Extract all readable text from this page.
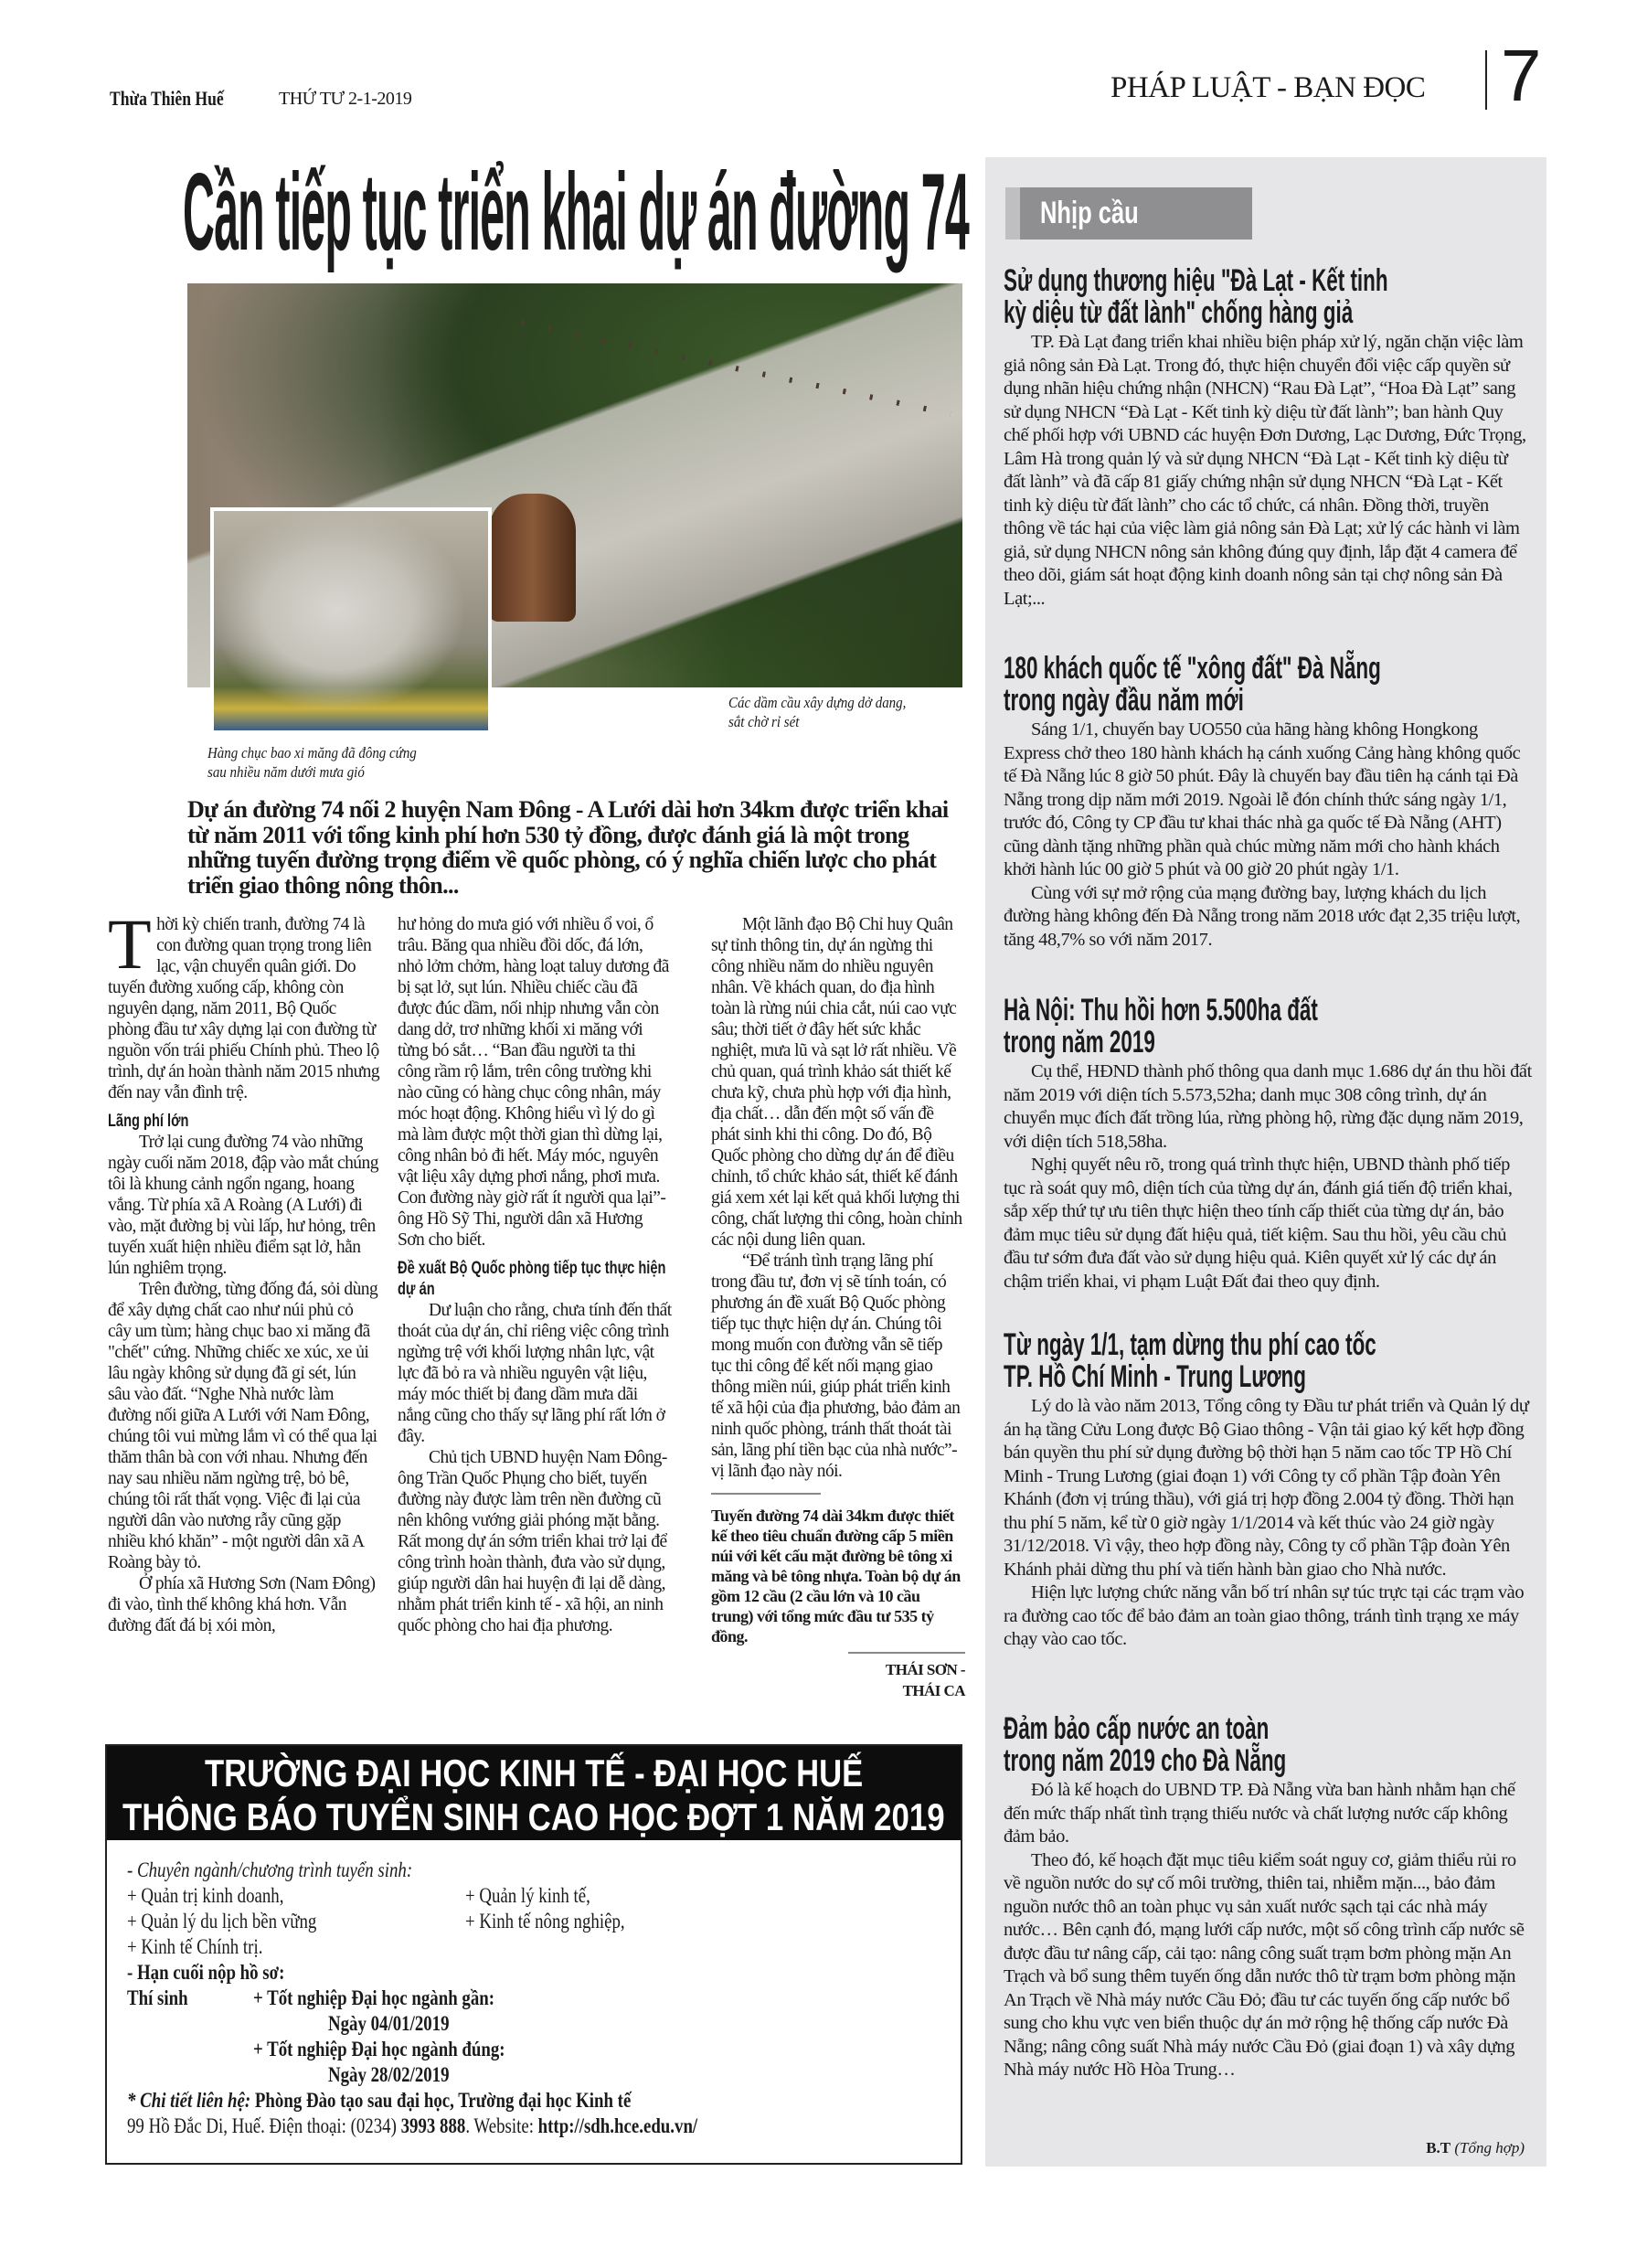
Thừa Thiên Huế	THỨ TƯ 2-1-2019	PHÁP LUẬT - BẠN ĐỌC 7
Cần tiếp tục triển khai dự án đường 74
Các dầm cầu xây dựng dở dang,
sắt chờ rỉ sét
Hàng chục bao xi măng đã đông cứng
sau nhiều năm dưới mưa gió
Dự án đường 74 nối 2 huyện Nam Đông - A Lưới dài hơn 34km được triển khai từ năm 2011 với tổng kinh phí hơn 530 tỷ đồng, được đánh giá là một trong những tuyến đường trọng điểm về quốc phòng, có ý nghĩa chiến lược cho phát triển giao thông nông thôn...

Thời kỳ chiến tranh, đường 74 là con đường quan trọng trong liên lạc, vận chuyển quân giới. Do tuyến đường xuống cấp, không còn nguyên dạng, năm 2011, Bộ Quốc phòng đầu tư xây dựng lại con đường từ nguồn vốn trái phiếu Chính phủ. Theo lộ trình, dự án hoàn thành năm 2015 nhưng đến nay vẫn đình trệ.

Lãng phí lớn

Trở lại cung đường 74 vào những ngày cuối năm 2018, đập vào mắt chúng tôi là khung cảnh ngổn ngang, hoang vắng. Từ phía xã A Roàng (A Lưới) đi vào, mặt đường bị vùi lấp, hư hỏng, trên tuyến xuất hiện nhiều điểm sạt lở, hằn lún nghiêm trọng.

Trên đường, từng đống đá, sỏi dùng để xây dựng chất cao như núi phủ cỏ cây um tùm; hàng chục bao xi măng đã "chết" cứng. Những chiếc xe xúc, xe ủi lâu ngày không sử dụng đã gỉ sét, lún sâu vào đất. “Nghe Nhà nước làm đường nối giữa A Lưới với Nam Đông, chúng tôi vui mừng lắm vì có thể qua lại thăm thân bà con với nhau. Nhưng đến nay sau nhiều năm ngừng trệ, bỏ bê, chúng tôi rất thất vọng. Việc đi lại của người dân vào nương rẫy cũng gặp nhiều khó khăn” - một người dân xã A Roàng bày tỏ.

Ở phía xã Hương Sơn (Nam Đông) đi vào, tình thế không khá hơn. Vẫn đường đất đá bị xói mòn,

hư hỏng do mưa gió với nhiều ổ voi, ổ trâu. Băng qua nhiều đồi dốc, đá lớn, nhỏ lởm chởm, hàng loạt taluy dương đã bị sạt lở, sụt lún. Nhiều chiếc cầu đã được đúc dầm, nối nhịp nhưng vẫn còn dang dở, trơ những khối xi măng với từng bó sắt… “Ban đầu người ta thi công rầm rộ lắm, trên công trường khi nào cũng có hàng chục công nhân, máy móc hoạt động. Không hiểu vì lý do gì mà làm được một thời gian thì dừng lại, công nhân bỏ đi hết. Máy móc, nguyên vật liệu xây dựng phơi nắng, phơi mưa. Con đường này giờ rất ít người qua lại”- ông Hồ Sỹ Thi, người dân xã Hương Sơn cho biết.

Đề xuất Bộ Quốc phòng tiếp tục thực hiện dự án

Dư luận cho rằng, chưa tính đến thất thoát của dự án, chỉ riêng việc công trình ngừng trệ với khối lượng nhân lực, vật lực đã bỏ ra và nhiều nguyên vật liệu, máy móc thiết bị đang dầm mưa dãi nắng cũng cho thấy sự lãng phí rất lớn ở đây.

Chủ tịch UBND huyện Nam Đông- ông Trần Quốc Phụng cho biết, tuyến đường này được làm trên nền đường cũ nên không vướng giải phóng mặt bằng. Rất mong dự án sớm triển khai trở lại để công trình hoàn thành, đưa vào sử dụng, giúp người dân hai huyện đi lại dễ dàng, nhằm phát triển kinh tế - xã hội, an ninh quốc phòng cho hai địa phương.

Một lãnh đạo Bộ Chỉ huy Quân sự tỉnh thông tin, dự án ngừng thi công nhiều năm do nhiều nguyên nhân. Về khách quan, do địa hình toàn là rừng núi chia cắt, núi cao vực sâu; thời tiết ở đây hết sức khắc nghiệt, mưa lũ và sạt lở rất nhiều. Về chủ quan, quá trình khảo sát thiết kế chưa kỹ, chưa phù hợp với địa hình, địa chất… dẫn đến một số vấn đề phát sinh khi thi công. Do đó, Bộ Quốc phòng cho dừng dự án để điều chỉnh, tổ chức khảo sát, thiết kế đánh giá xem xét lại kết quả khối lượng thi công, chất lượng thi công, hoàn chỉnh các nội dung liên quan.

“Để tránh tình trạng lãng phí trong đầu tư, đơn vị sẽ tính toán, có phương án đề xuất Bộ Quốc phòng tiếp tục thực hiện dự án. Chúng tôi mong muốn con đường vẫn sẽ tiếp tục thi công để kết nối mạng giao thông miền núi, giúp phát triển kinh tế xã hội của địa phương, bảo đảm an ninh quốc phòng, tránh thất thoát tài sản, lãng phí tiền bạc của nhà nước”- vị lãnh đạo này nói.

Tuyến đường 74 dài 34km được thiết kế theo tiêu chuẩn đường cấp 5 miền núi với kết cấu mặt đường bê tông xi măng và bê tông nhựa. Toàn bộ dự án gồm 12 cầu (2 cầu lớn và 10 cầu trung) với tổng mức đầu tư 535 tỷ đồng.
THÁI SƠN - THÁI CA
TRƯỜNG ĐẠI HỌC KINH TẾ - ĐẠI HỌC HUẾ
THÔNG BÁO TUYỂN SINH CAO HỌC ĐỢT 1 NĂM 2019
- Chuyên ngành/chương trình tuyển sinh:
+ Quản trị kinh doanh,	+ Quản lý kinh tế,
+ Quản lý du lịch bền vững	+ Kinh tế nông nghiệp,
+ Kinh tế Chính trị.
- Hạn cuối nộp hồ sơ:
Thí sinh	+ Tốt nghiệp Đại học ngành gần:
Ngày 04/01/2019
+ Tốt nghiệp Đại học ngành đúng:
Ngày 28/02/2019
* Chi tiết liên hệ: Phòng Đào tạo sau đại học, Trường đại học Kinh tế
99 Hồ Đắc Di, Huế. Điện thoại: (0234) 3993 888. Website: http://sdh.hce.edu.vn/
Nhịp cầu
Sử dụng thương hiệu "Đà Lạt - Kết tinh
kỳ diệu từ đất lành" chống hàng giả

TP. Đà Lạt đang triển khai nhiều biện pháp xử lý, ngăn chặn việc làm giả nông sản Đà Lạt. Trong đó, thực hiện chuyển đổi việc cấp quyền sử dụng nhãn hiệu chứng nhận (NHCN) “Rau Đà Lạt”, “Hoa Đà Lạt” sang sử dụng NHCN “Đà Lạt - Kết tinh kỳ diệu từ đất lành”; ban hành Quy chế phối hợp với UBND các huyện Đơn Dương, Lạc Dương, Đức Trọng, Lâm Hà trong quản lý và sử dụng NHCN “Đà Lạt - Kết tinh kỳ diệu từ đất lành” và đã cấp 81 giấy chứng nhận sử dụng NHCN “Đà Lạt - Kết tinh kỳ diệu từ đất lành” cho các tổ chức, cá nhân. Đồng thời, truyền thông về tác hại của việc làm giả nông sản Đà Lạt; xử lý các hành vi làm giả, sử dụng NHCN nông sản không đúng quy định, lắp đặt 4 camera để theo dõi, giám sát hoạt động kinh doanh nông sản tại chợ nông sản Đà Lạt;...

180 khách quốc tế "xông đất" Đà Nẵng
trong ngày đầu năm mới

Sáng 1/1, chuyến bay UO550 của hãng hàng không Hongkong Express chở theo 180 hành khách hạ cánh xuống Cảng hàng không quốc tế Đà Nẵng lúc 8 giờ 50 phút. Đây là chuyến bay đầu tiên hạ cánh tại Đà Nẵng trong dịp năm mới 2019. Ngoài lễ đón chính thức sáng ngày 1/1, trước đó, Công ty CP đầu tư khai thác nhà ga quốc tế Đà Nẵng (AHT) cũng dành tặng những phần quà chúc mừng năm mới cho hành khách khởi hành lúc 00 giờ 5 phút và 00 giờ 20 phút ngày 1/1.

Cùng với sự mở rộng của mạng đường bay, lượng khách du lịch đường hàng không đến Đà Nẵng trong năm 2018 ước đạt 2,35 triệu lượt, tăng 48,7% so với năm 2017.

Hà Nội: Thu hồi hơn 5.500ha đất
trong năm 2019

Cụ thể, HĐND thành phố thông qua danh mục 1.686 dự án thu hồi đất năm 2019 với diện tích 5.573,52ha; danh mục 308 công trình, dự án chuyển mục đích đất trồng lúa, rừng phòng hộ, rừng đặc dụng năm 2019, với diện tích 518,58ha.

Nghị quyết nêu rõ, trong quá trình thực hiện, UBND thành phố tiếp tục rà soát quy mô, diện tích của từng dự án, đánh giá tiến độ triển khai, sắp xếp thứ tự ưu tiên thực hiện theo tính cấp thiết của từng dự án, bảo đảm mục tiêu sử dụng đất hiệu quả, tiết kiệm. Sau thu hồi, yêu cầu chủ đầu tư sớm đưa đất vào sử dụng hiệu quả. Kiên quyết xử lý các dự án chậm triển khai, vi phạm Luật Đất đai theo quy định.

Từ ngày 1/1, tạm dừng thu phí cao tốc
TP. Hồ Chí Minh - Trung Lương

Lý do là vào năm 2013, Tổng công ty Đầu tư phát triển và Quản lý dự án hạ tầng Cửu Long được Bộ Giao thông - Vận tải giao ký kết hợp đồng bán quyền thu phí sử dụng đường bộ thời hạn 5 năm cao tốc TP Hồ Chí Minh - Trung Lương (giai đoạn 1) với Công ty cổ phần Tập đoàn Yên Khánh (đơn vị trúng thầu), với giá trị hợp đồng 2.004 tỷ đồng. Thời hạn thu phí 5 năm, kể từ 0 giờ ngày 1/1/2014 và kết thúc vào 24 giờ ngày 31/12/2018. Vì vậy, theo hợp đồng này, Công ty cổ phần Tập đoàn Yên Khánh phải dừng thu phí và tiến hành bàn giao cho Nhà nước.

Hiện lực lượng chức năng vẫn bố trí nhân sự túc trực tại các trạm vào ra đường cao tốc để bảo đảm an toàn giao thông, tránh tình trạng xe máy chạy vào cao tốc.

Đảm bảo cấp nước an toàn
trong năm 2019 cho Đà Nẵng

Đó là kế hoạch do UBND TP. Đà Nẵng vừa ban hành nhằm hạn chế đến mức thấp nhất tình trạng thiếu nước và chất lượng nước cấp không đảm bảo.

Theo đó, kế hoạch đặt mục tiêu kiểm soát nguy cơ, giảm thiểu rủi ro về nguồn nước do sự cố môi trường, thiên tai, nhiễm mặn..., bảo đảm nguồn nước thô an toàn phục vụ sản xuất nước sạch tại các nhà máy nước… Bên cạnh đó, mạng lưới cấp nước, một số công trình cấp nước sẽ được đầu tư nâng cấp, cải tạo: nâng công suất trạm bơm phòng mặn An Trạch và bổ sung thêm tuyến ống dẫn nước thô từ trạm bơm phòng mặn An Trạch về Nhà máy nước Cầu Đỏ; đầu tư các tuyến ống cấp nước bổ sung cho khu vực ven biển thuộc dự án mở rộng hệ thống cấp nước Đà Nẵng; nâng công suất Nhà máy nước Cầu Đỏ (giai đoạn 1) và xây dựng Nhà máy nước Hồ Hòa Trung…

B.T (Tổng hợp)
